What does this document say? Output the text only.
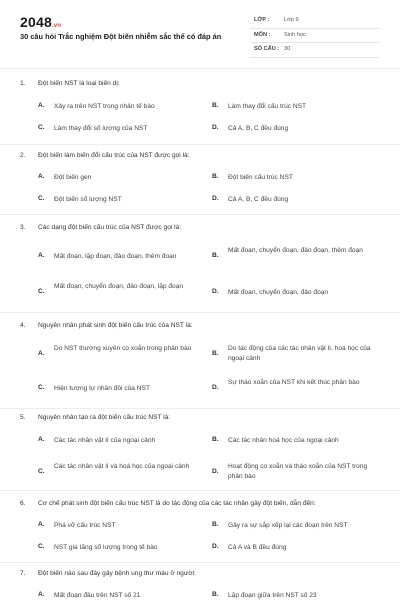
2048.vn
30 câu hỏi Trắc nghiệm Đột biến nhiễm sắc thể có đáp án
LỚP :	Lớp 9
MÔN : Sinh học
SỐ CÂU : 30
1. Đột biến NST là loại biến dị:
A. Xảy ra trên NST trong nhân tế bào	B. Làm thay đổi cấu trúc NST
C. Làm thay đổi số lượng của NST	D. Cả A, B, C đều đúng
2. Đột biến làm biến đổi cấu trúc của NST được gọi là:
A. Đột biến gen	B. Đột biến cấu trúc NST
C. Đột biến số lượng NST	D. Cả A, B, C đều đúng
3. Các dạng đột biến cấu trúc của NST được gọi là:
A. Mất đoạn, lặp đoạn, đảo đoạn, thêm đoạn	B.
Mất đoạn, chuyển đoạn, đảo đoạn, thêm đoạn
C.
Mất đoạn, chuyển đoạn, đảo đoạn, lặp đoạn
D. Mất đoạn, chuyển đoạn, đảo đoạn
4. Nguyên nhân phát sinh đột biến cấu trúc của NST là:
A.
Do NST thường xuyên co xoắn trong phân bào
B.
Do tác động của các tác nhân vật lí, hoá học của ngoại cảnh
C. Hiện tượng tự nhân đôi của NST	D.
Sự tháo xoắn của NST khi kết thúc phân bào
5. Nguyên nhân tạo ra đột biến cấu trúc NST là:
A. Các tác nhân vật lí của ngoại cảnh	B. Các tác nhân hoá học của ngoại cảnh
C.
Các tác nhân vật lí và hoá học của ngoại cảnh
D.
Hoạt động co xoắn và tháo xoắn của NST trong phân bào
6. Cơ chế phát sinh đột biến cấu trúc NST là do tác động của các tác nhân gây đột biến, dẫn đến:
A. Phá vỡ cấu trúc NST	B. Gây ra sự sắp xếp lại các đoạn trên NST
C. NST gia tăng số lượng trong tế bào	D. Cả A và B đều đúng
7. Đột biến nào sau đây gây bệnh ung thư máu ở người:
A. Mất đoạn đầu trên NST số 21	B. Lặp đoạn giữa trên NST số 23
